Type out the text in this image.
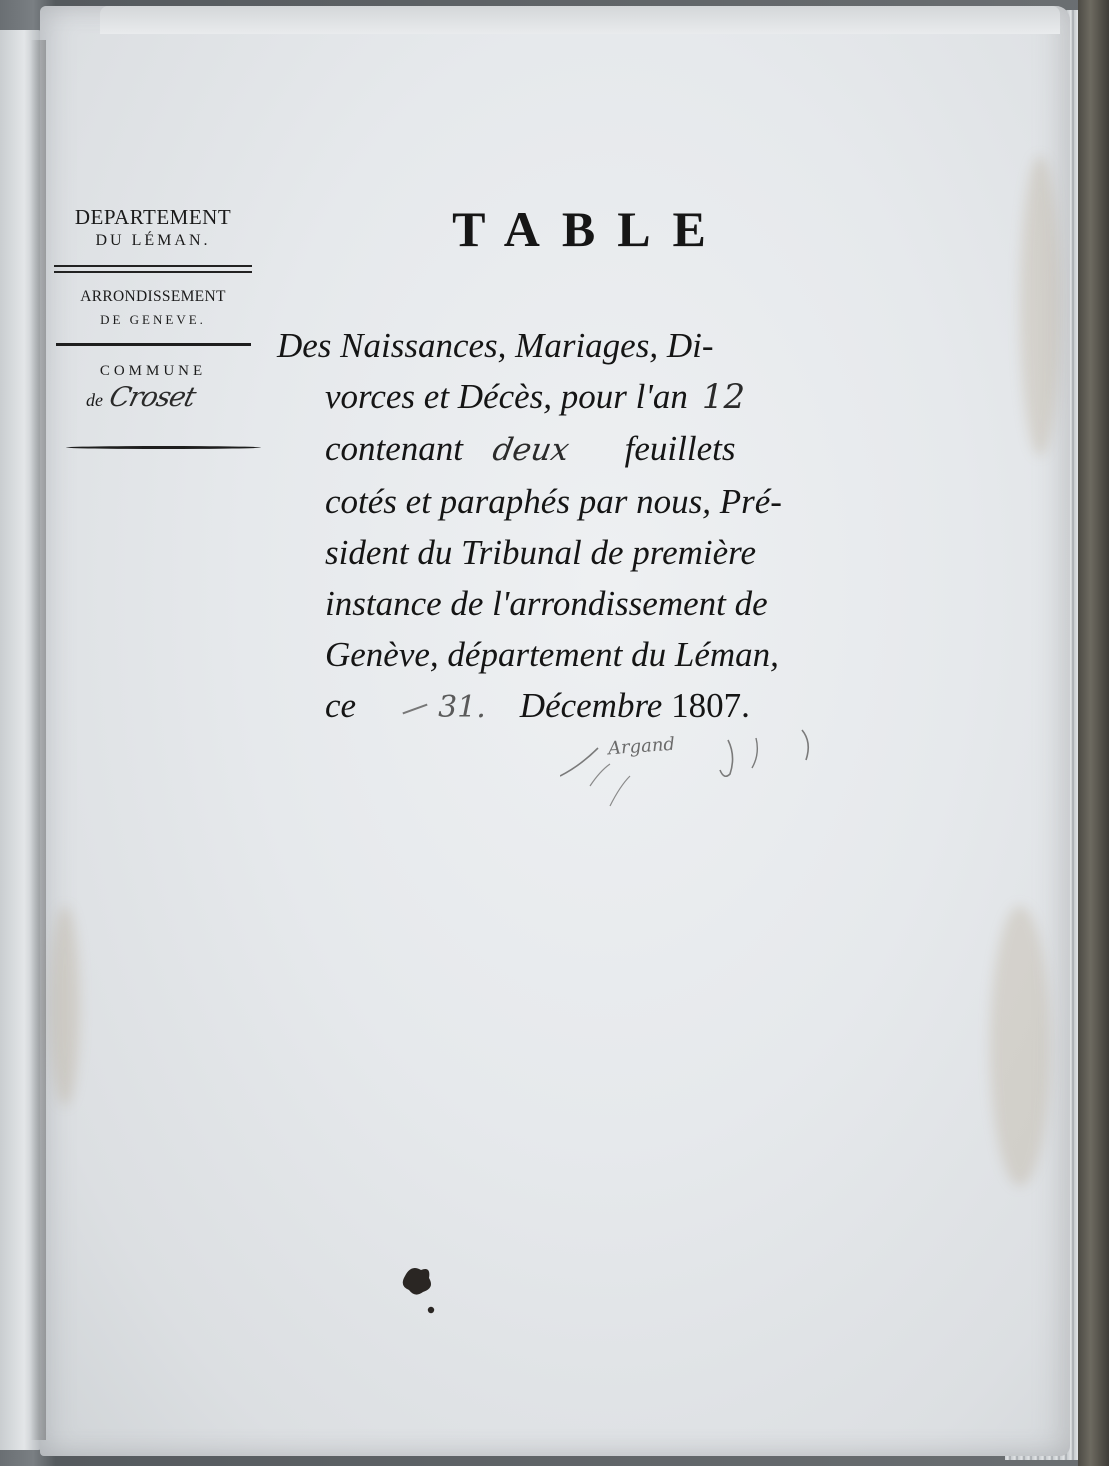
DEPARTEMENT
DU LÉMAN.
ARRONDISSEMENT
DE GENEVE.
COMMUNE
de Croset
TABLE
Des Naissances, Mariages, Di-
vorces et Décès, pour l'an 12
contenant deux feuillets
cotés et paraphés par nous, Pré-
sident du Tribunal de première
instance de l'arrondissement de
Genève, département du Léman,
ce	31. Décembre 1807.
Argand
